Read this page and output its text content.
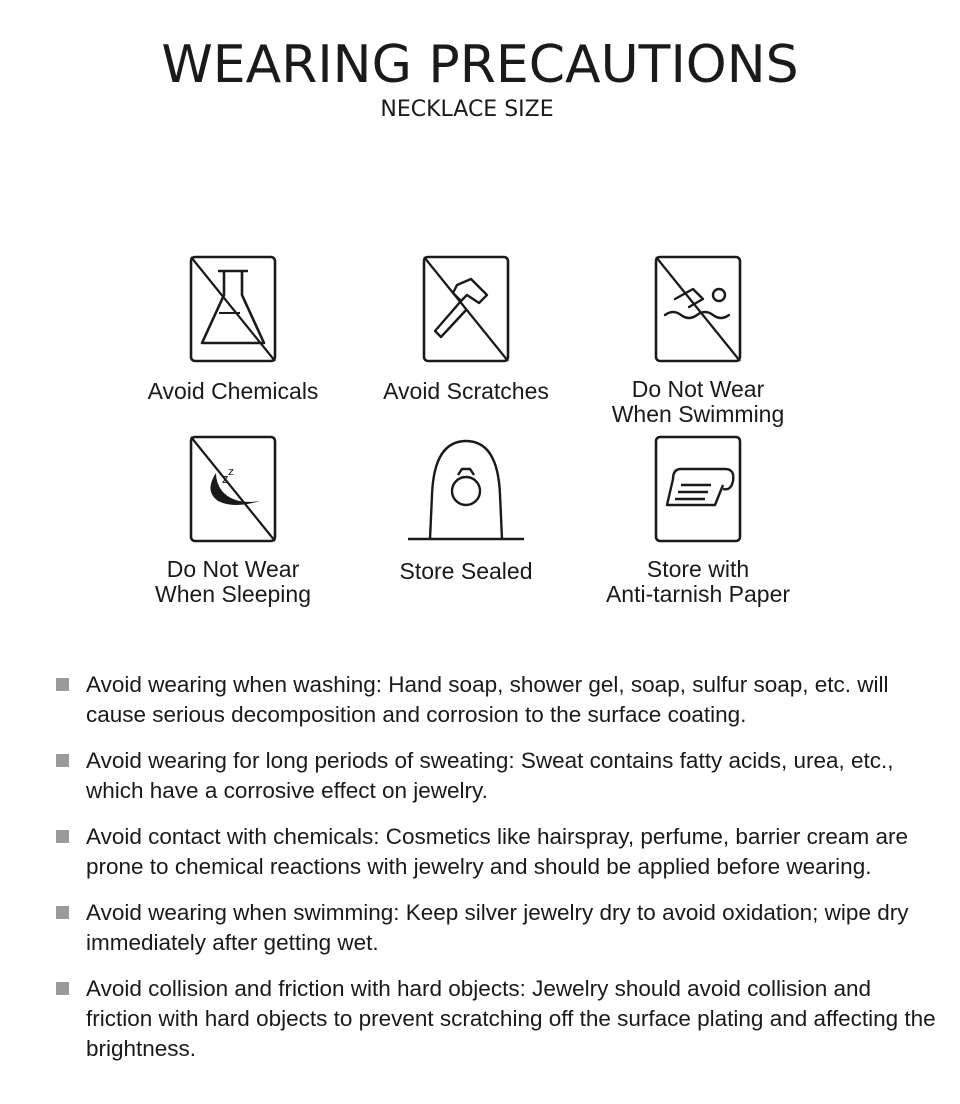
WEARING PRECAUTIONS
NECKLACE SIZE
Avoid Chemicals	Avoid Scratches	Do Not Wear
When Swimming
z
z
Do Not Wear
When Sleeping
Store Sealed	Store with
Anti-tarnish Paper
Avoid wearing when washing: Hand soap, shower gel, soap, sulfur soap, etc. will cause serious decomposition and corrosion to the surface coating.
Avoid wearing for long periods of sweating: Sweat contains fatty acids, urea, etc., which have a corrosive effect on jewelry.
Avoid contact with chemicals: Cosmetics like hairspray, perfume, barrier cream are prone to chemical reactions with jewelry and should be applied before wearing.
Avoid wearing when swimming: Keep silver jewelry dry to avoid oxidation; wipe dry immediately after getting wet.
Avoid collision and friction with hard objects: Jewelry should avoid collision and friction with hard objects to prevent scratching off the surface plating and affecting the brightness.
